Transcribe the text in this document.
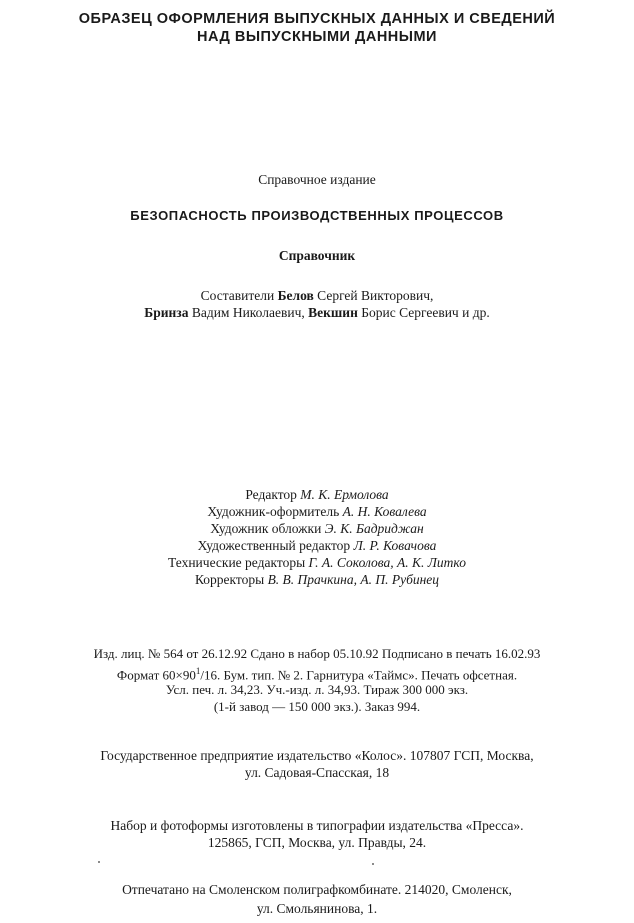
ОБРАЗЕЦ ОФОРМЛЕНИЯ ВЫПУСКНЫХ ДАННЫХ И СВЕДЕНИЙ
НАД ВЫПУСКНЫМИ ДАННЫМИ
Справочное издание
БЕЗОПАСНОСТЬ ПРОИЗВОДСТВЕННЫХ ПРОЦЕССОВ
Справочник
Составители Белов Сергей Викторович,
Бринза Вадим Николаевич, Векшин Борис Сергеевич и др.
Редактор М. К. Ермолова
Художник-оформитель А. Н. Ковалева
Художник обложки Э. К. Бадриджан
Художественный редактор Л. Р. Ковачова
Технические редакторы Г. А. Соколова, А. К. Литко
Корректоры В. В. Прачкина, А. П. Рубинец
Изд. лиц. № 564 от 26.12.92 Сдано в набор 05.10.92 Подписано в печать 16.02.93
Формат $60\times 90^1/16$. Бум. тип. № 2. Гарнитура «Таймс». Печать офсетная.
Усл. печ. л. 34,23. Уч.-изд. л. 34,93. Тираж 300 000 экз.
(1-й завод — 150 000 экз.). Заказ 994.
Государственное предприятие издательство «Колос». 107807 ГСП, Москва,
ул. Садовая-Спасская, 18
Набор и фотоформы изготовлены в типографии издательства «Пресса».
125865, ГСП, Москва, ул. Правды, 24.
Отпечатано на Смоленском полиграфкомбинате. 214020, Смоленск,
ул. Смольянинова, 1.
